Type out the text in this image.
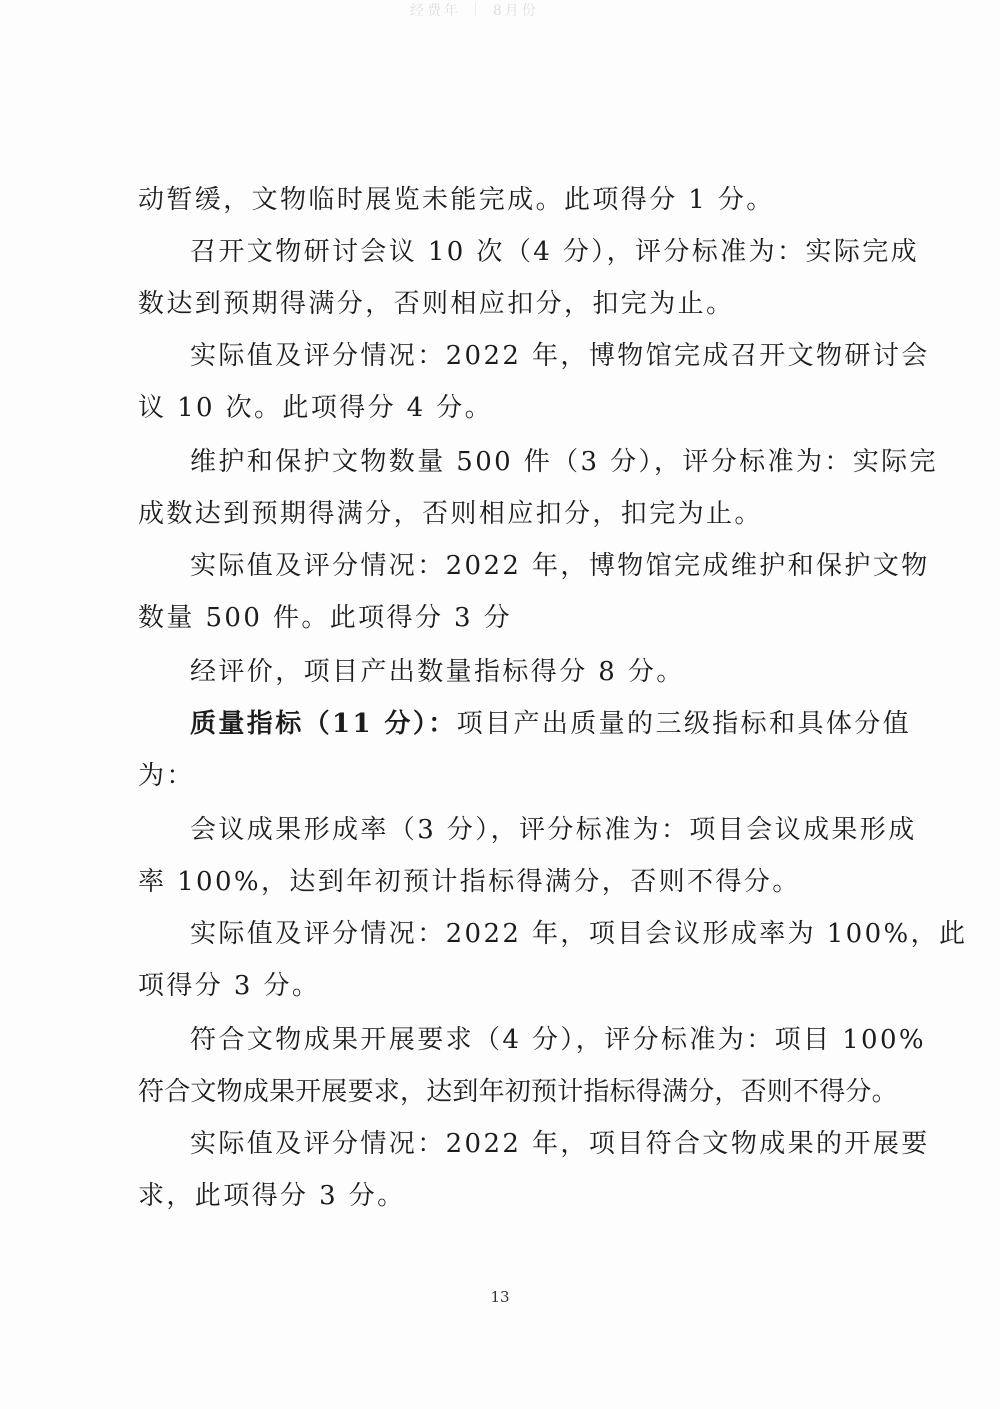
经费年 ｜ 8月份
动暂缓，文物临时展览未能完成。此项得分 1 分。
召开文物研讨会议 10 次（4 分），评分标准为：实际完成
数达到预期得满分，否则相应扣分，扣完为止。
实际值及评分情况：2022 年，博物馆完成召开文物研讨会
议 10 次。此项得分 4 分。
维护和保护文物数量 500 件（3 分），评分标准为：实际完
成数达到预期得满分，否则相应扣分，扣完为止。
实际值及评分情况：2022 年，博物馆完成维护和保护文物
数量 500 件。此项得分 3 分
经评价，项目产出数量指标得分 8 分。
质量指标（11 分）：项目产出质量的三级指标和具体分值
为：
会议成果形成率（3 分），评分标准为：项目会议成果形成
率 100%，达到年初预计指标得满分，否则不得分。
实际值及评分情况：2022 年，项目会议形成率为 100%，此
项得分 3 分。
符合文物成果开展要求（4 分），评分标准为：项目 100%
符合文物成果开展要求，达到年初预计指标得满分，否则不得分。
实际值及评分情况：2022 年，项目符合文物成果的开展要
求，此项得分 3 分。
13
